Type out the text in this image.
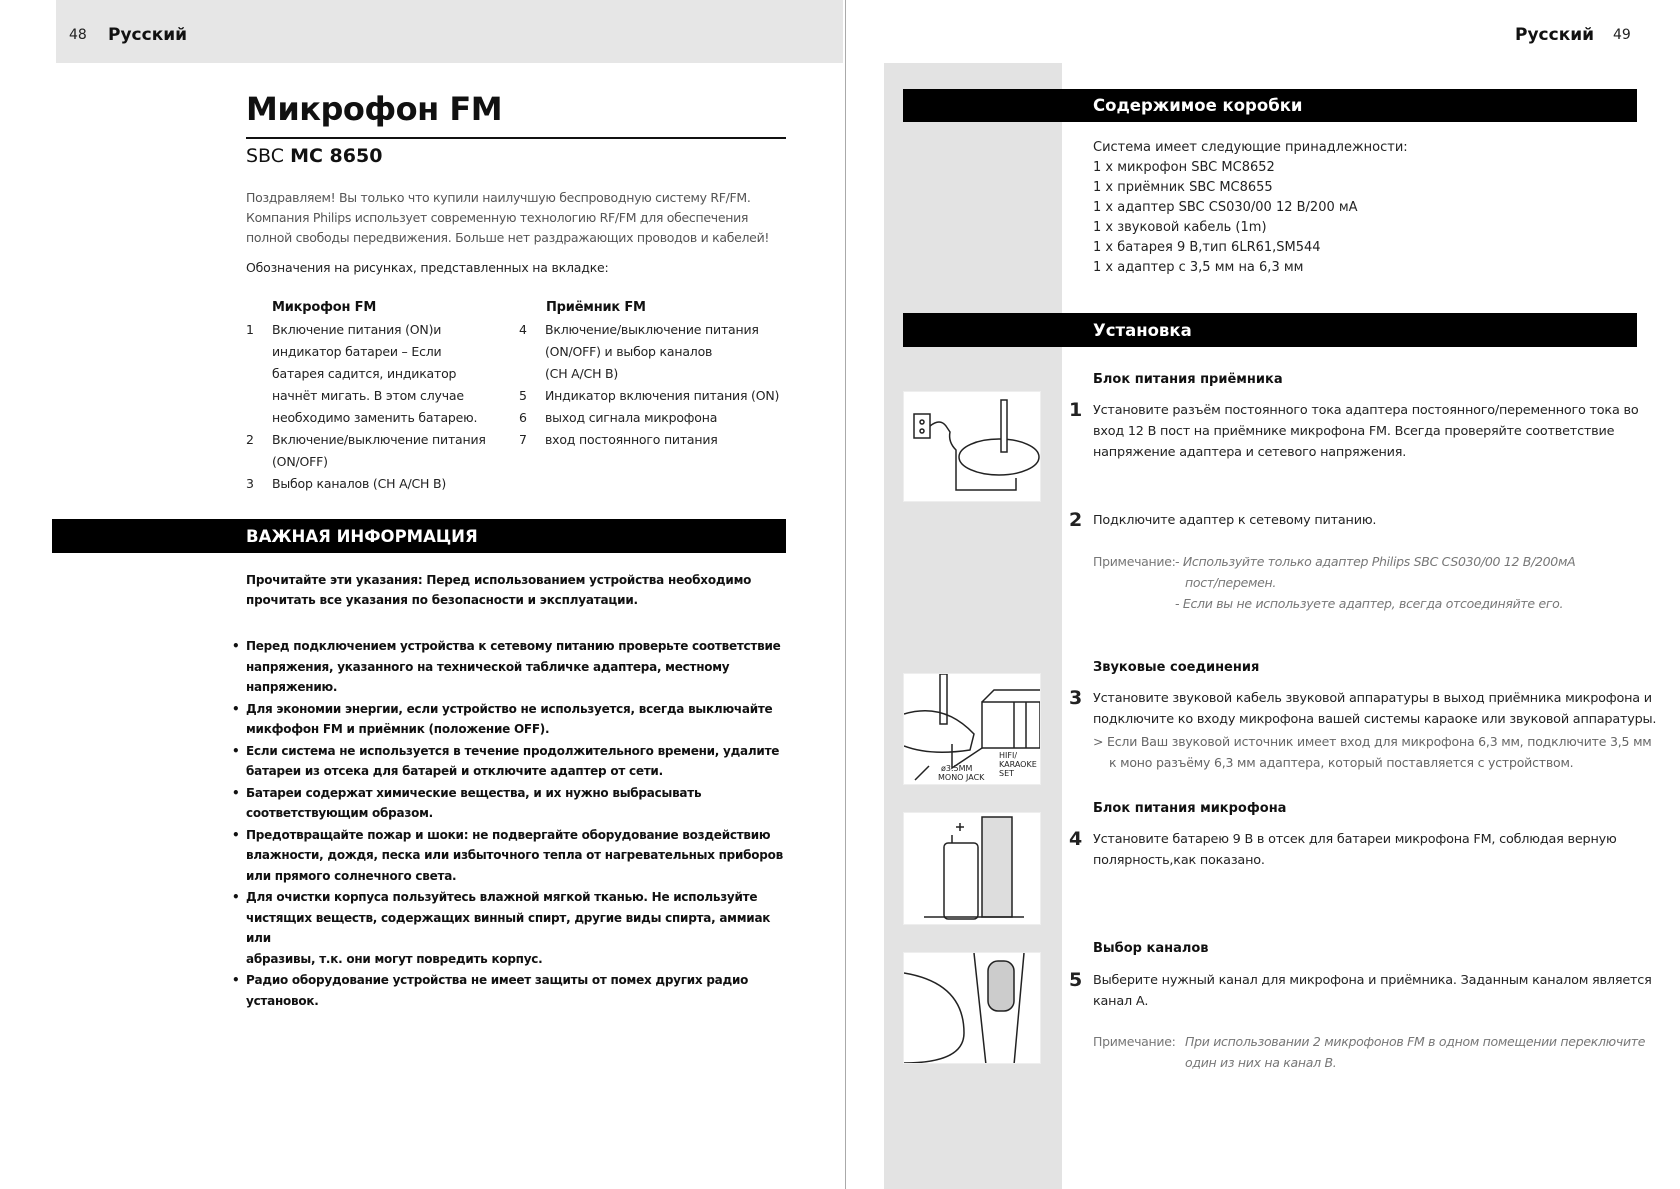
48 Русский
Микрофон FM
SBC MC 8650
Поздравляем! Вы только что купили наилучшую беспроводную систему RF/FM.
Компания Philips использует современную технологию RF/FM для обеспечения
полной свободы передвижения. Больше нет раздражающих проводов и кабелей!
Обозначения на рисунках, представленных на вкладке:
Микрофон FM
1	Включение питания (ON)и
индикатор батареи – Если
батарея садится, индикатор
начнёт мигать. В этом случае
необходимо заменить батарею.
2	Включение/выключение питания
(ON/OFF)
3	Выбор каналов (CH A/CH B)
Приёмник FM
4	Включение/выключение питания
(ON/OFF) и выбор каналов
(CH A/CH B)
5	Индикатор включения питания (ON)
6	выход сигнала микрофона
7	вход постоянного питания
ВАЖНАЯ ИНФОРМАЦИЯ
Прочитайте эти указания: Перед использованием устройства необходимо
прочитать все указания по безопасности и эксплуатации.
• Перед подключением устройства к сетевому питанию проверьте соответствие
напряжения, указанного на технической табличке адаптера, местному
напряжению.
• Для экономии энергии, если устройство не используется, всегда выключайте
микфофон FM и приёмник (положение OFF).
• Если система не используется в течение продолжительного времени, удалите
батареи из отсека для батарей и отключите адаптер от сети.
• Батареи содержат химические вещества, и их нужно выбрасывать
соответствующим образом.
• Предотвращайте пожар и шоки: не подвергайте оборудование воздействию
влажности, дождя, песка или избыточного тепла от нагревательных приборов
или прямого солнечного света.
• Для очистки корпуса пользуйтесь влажной мягкой тканью. Не используйте
чистящих веществ, содержащих винный спирт, другие виды спирта, аммиак или
абразивы, т.к. они могут повредить корпус.
• Радио оборудование устройства не имеет защиты от помех других радио
установок.
Русский 49
Содержимое коробки
Система имеет следующие принадлежности:
1 x микрофон SBC MC8652
1 x приёмник SBC MC8655
1 x адаптер SBC CS030/00 12 В/200 мА
1 x звуковой кабель (1m)
1 x батарея 9 В,тип 6LR61,SM544
1 x адаптер с 3,5 мм на 6,3 мм
Установка
Блок питания приёмника
1 Установите разъём постоянного тока адаптера постоянного/переменного тока во
вход 12 В пост на приёмнике микрофона FM. Всегда проверяйте соответствие
напряжение адаптера и сетевого напряжения.
2 Подключите адаптер к сетевому питанию.
Примечание: - Используйте только адаптер Philips SBC CS030/00 12 В/200мА
пост/перемен.
- Если вы не используете адаптер, всегда отсоединяйте его.
Звуковые соединения
3 Установите звуковой кабель звуковой аппаратуры в выход приёмника микрофона и
подключите ко входу микрофона вашей системы караоке или звуковой аппаратуры.
> Если Ваш звуковой источник имеет вход для микрофона 6,3 мм, подключите 3,5 мм
к моно разъёму 6,3 мм адаптера, который поставляется с устройством.
Блок питания микрофона
4 Установите батарею 9 В в отсек для батареи микрофона FM, соблюдая верную
полярность,как показано.
Выбор каналов
5 Выберите нужный канал для микрофона и приёмника. Заданным каналом является
канал А.
Примечание: При использовании 2 микрофонов FM в одном помещении переключите
один из них на канал В.
ø3.5MM
MONO JACK
HIFI/
KARAOKE
SET
